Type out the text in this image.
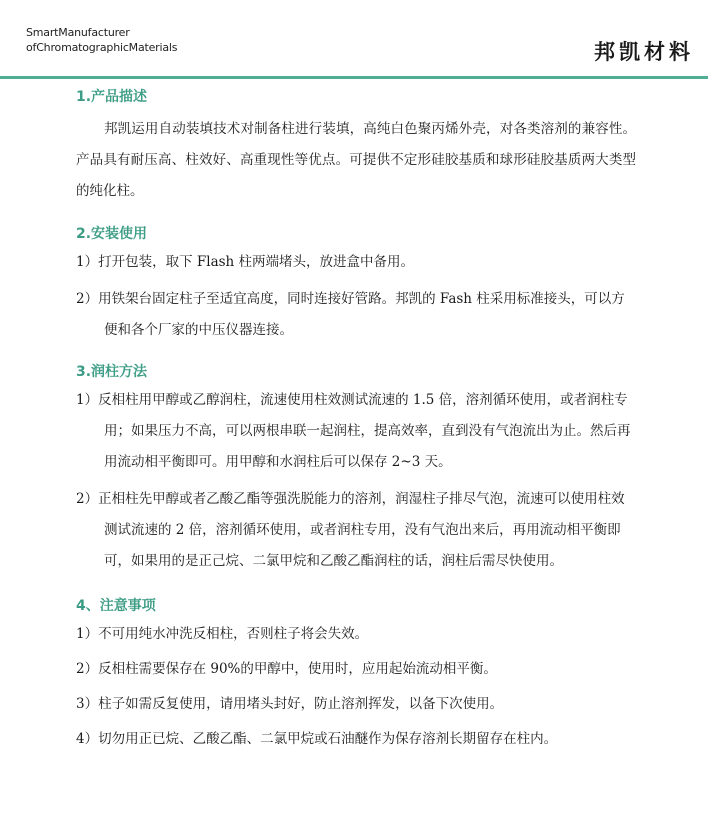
SmartManufacturer
ofChromatographicMaterials	邦凯材料
1.产品描述

邦凯运用自动装填技术对制备柱进行装填，高纯白色聚丙烯外壳，对各类溶剂的兼容性。产品具有耐压高、柱效好、高重现性等优点。可提供不定形硅胶基质和球形硅胶基质两大类型的纯化柱。

2.安装使用

1）打开包装，取下 Flash 柱两端堵头，放进盒中备用。

2）用铁架台固定柱子至适宜高度，同时连接好管路。邦凯的 Fash 柱采用标准接头，可以方便和各个厂家的中压仪器连接。

3.润柱方法

1）反相柱用甲醇或乙醇润柱，流速使用柱效测试流速的 1.5 倍，溶剂循环使用，或者润柱专用；如果压力不高，可以两根串联一起润柱，提高效率，直到没有气泡流出为止。然后再用流动相平衡即可。用甲醇和水润柱后可以保存 2~3 天。

2）正相柱先甲醇或者乙酸乙酯等强洗脱能力的溶剂，润湿柱子排尽气泡，流速可以使用柱效测试流速的 2 倍，溶剂循环使用，或者润柱专用，没有气泡出来后，再用流动相平衡即可，如果用的是正己烷、二氯甲烷和乙酸乙酯润柱的话，润柱后需尽快使用。

4、注意事项

1）不可用纯水冲洗反相柱，否则柱子将会失效。

2）反相柱需要保存在 90%的甲醇中，使用时，应用起始流动相平衡。

3）柱子如需反复使用，请用堵头封好，防止溶剂挥发，以备下次使用。

4）切勿用正已烷、乙酸乙酯、二氯甲烷或石油醚作为保存溶剂长期留存在柱内。
